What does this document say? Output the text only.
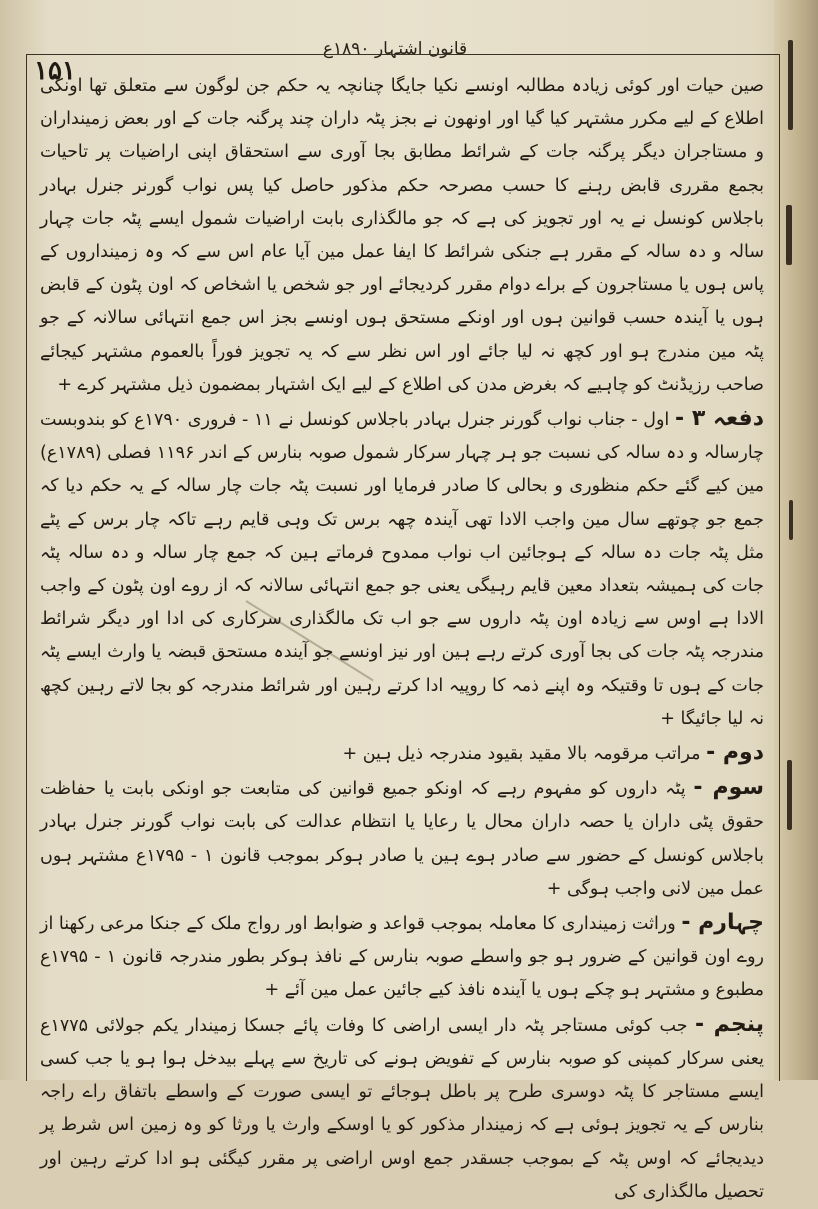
قانون اشتہار ۱۸۹۰ع
۱۵۱

صین حیات اور کوئی زیادہ مطالبہ اونسے نکیا جایگا چنانچہ یہ حکم جن لوگون سے متعلق تھا اونکی اطلاع کے لیے مکرر مشتہر کیا گیا اور اونھون نے بجز پٹہ داران چند پرگنہ جات کے اور بعض زمینداران و مستاجران دیگر پرگنہ جات کے شرائط مطابق بجا آوری سے استحقاق اپنی اراضیات پر تاحیات بجمع مقرری قابض رہنے کا حسب مصرحہ حکم مذکور حاصل کیا پس نواب گورنر جنرل بہادر باجلاس کونسل نے یہ اور تجویز کی ہے کہ جو مالگذاری بابت اراضیات شمول ایسے پٹہ جات چہار سالہ و دہ سالہ کے مقرر ہے جنکی شرائط کا ایفا عمل مین آیا عام اس سے کہ وہ زمینداروں کے پاس ہوں یا مستاجرون کے براے دوام مقرر کردیجائے اور جو شخص یا اشخاص کہ اون پٹون کے قابض ہوں یا آیندہ حسب قوانین ہوں اور اونکے مستحق ہوں اونسے بجز اس جمع انتہائی سالانہ کے جو پٹہ مین مندرج ہو اور کچھ نہ لیا جائے اور اس نظر سے کہ یہ تجویز فوراً بالعموم مشتہر کیجائے صاحب رزیڈنٹ کو چاہیے کہ بغرض مدن کی اطلاع کے لیے ایک اشتہار بمضمون ذیل مشتہر کرے +

دفعہ ۳ - اول - جناب نواب گورنر جنرل بہادر باجلاس کونسل نے ۱۱ - فروری ۱۷۹۰ع کو بندوبست چارسالہ و دہ سالہ کی نسبت جو ہر چہار سرکار شمول صوبہ بنارس کے اندر ۱۱۹۶ فصلی (۱۷۸۹ع) مین کیے گئے حکم منظوری و بحالی کا صادر فرمایا اور نسبت پٹہ جات چار سالہ کے یہ حکم دیا کہ جمع جو چوتھے سال مین واجب الادا تھی آیندہ چھہ برس تک وہی قایم رہے تاکہ چار برس کے پٹے مثل پٹہ جات دہ سالہ کے ہوجائین اب نواب ممدوح فرماتے ہین کہ جمع چار سالہ و دہ سالہ پٹہ جات کی ہمیشہ بتعداد معین قایم رہیگی یعنی جو جمع انتہائی سالانہ کہ از روے اون پٹون کے واجب الادا ہے اوس سے زیادہ اون پٹہ داروں سے جو اب تک مالگذاری سرکاری کی ادا اور دیگر شرائط مندرجہ پٹہ جات کی بجا آوری کرتے رہے ہین اور نیز اونسے جو آیندہ مستحق قبضہ یا وارث ایسے پٹہ جات کے ہوں تا وقتیکہ وہ اپنے ذمہ کا روپیہ ادا کرتے رہین اور شرائط مندرجہ کو بجا لاتے رہین کچھ نہ لیا جائیگا +

دوم - مراتب مرقومہ بالا مقید بقیود مندرجہ ذیل ہین +

سوم - پٹہ داروں کو مفہوم رہے کہ اونکو جمیع قوانین کی متابعت جو اونکی بابت یا حفاظت حقوق پٹی داران یا حصہ داران محال یا رعایا یا انتظام عدالت کی بابت نواب گورنر جنرل بہادر باجلاس کونسل کے حضور سے صادر ہوے ہین یا صادر ہوکر بموجب قانون ۱ - ۱۷۹۵ع مشتہر ہوں عمل مین لانی واجب ہوگی +

چہارم - وراثت زمینداری کا معاملہ بموجب قواعد و ضوابط اور رواج ملک کے جنکا مرعی رکھنا از روے اون قوانین کے ضرور ہو جو واسطے صوبہ بنارس کے نافذ ہوکر بطور مندرجہ قانون ۱ - ۱۷۹۵ع مطبوع و مشتہر ہو چکے ہوں یا آیندہ نافذ کیے جائین عمل مین آئے +

پنجم - جب کوئی مستاجر پٹہ دار ایسی اراضی کا وفات پائے جسکا زمیندار یکم جولائی ۱۷۷۵ع یعنی سرکار کمپنی کو صوبہ بنارس کے تفویض ہونے کی تاریخ سے پہلے بیدخل ہوا ہو یا جب کسی ایسے مستاجر کا پٹہ دوسری طرح پر باطل ہوجائے تو ایسی صورت کے واسطے باتفاق راے راجہ بنارس کے یہ تجویز ہوئی ہے کہ زمیندار مذکور کو یا اوسکے وارث یا ورثا کو وہ زمین اس شرط پر دیدیجائے کہ اوس پٹہ کے بموجب جسقدر جمع اوس اراضی پر مقرر کیگئی ہو ادا کرتے رہین اور تحصیل مالگذاری کی
